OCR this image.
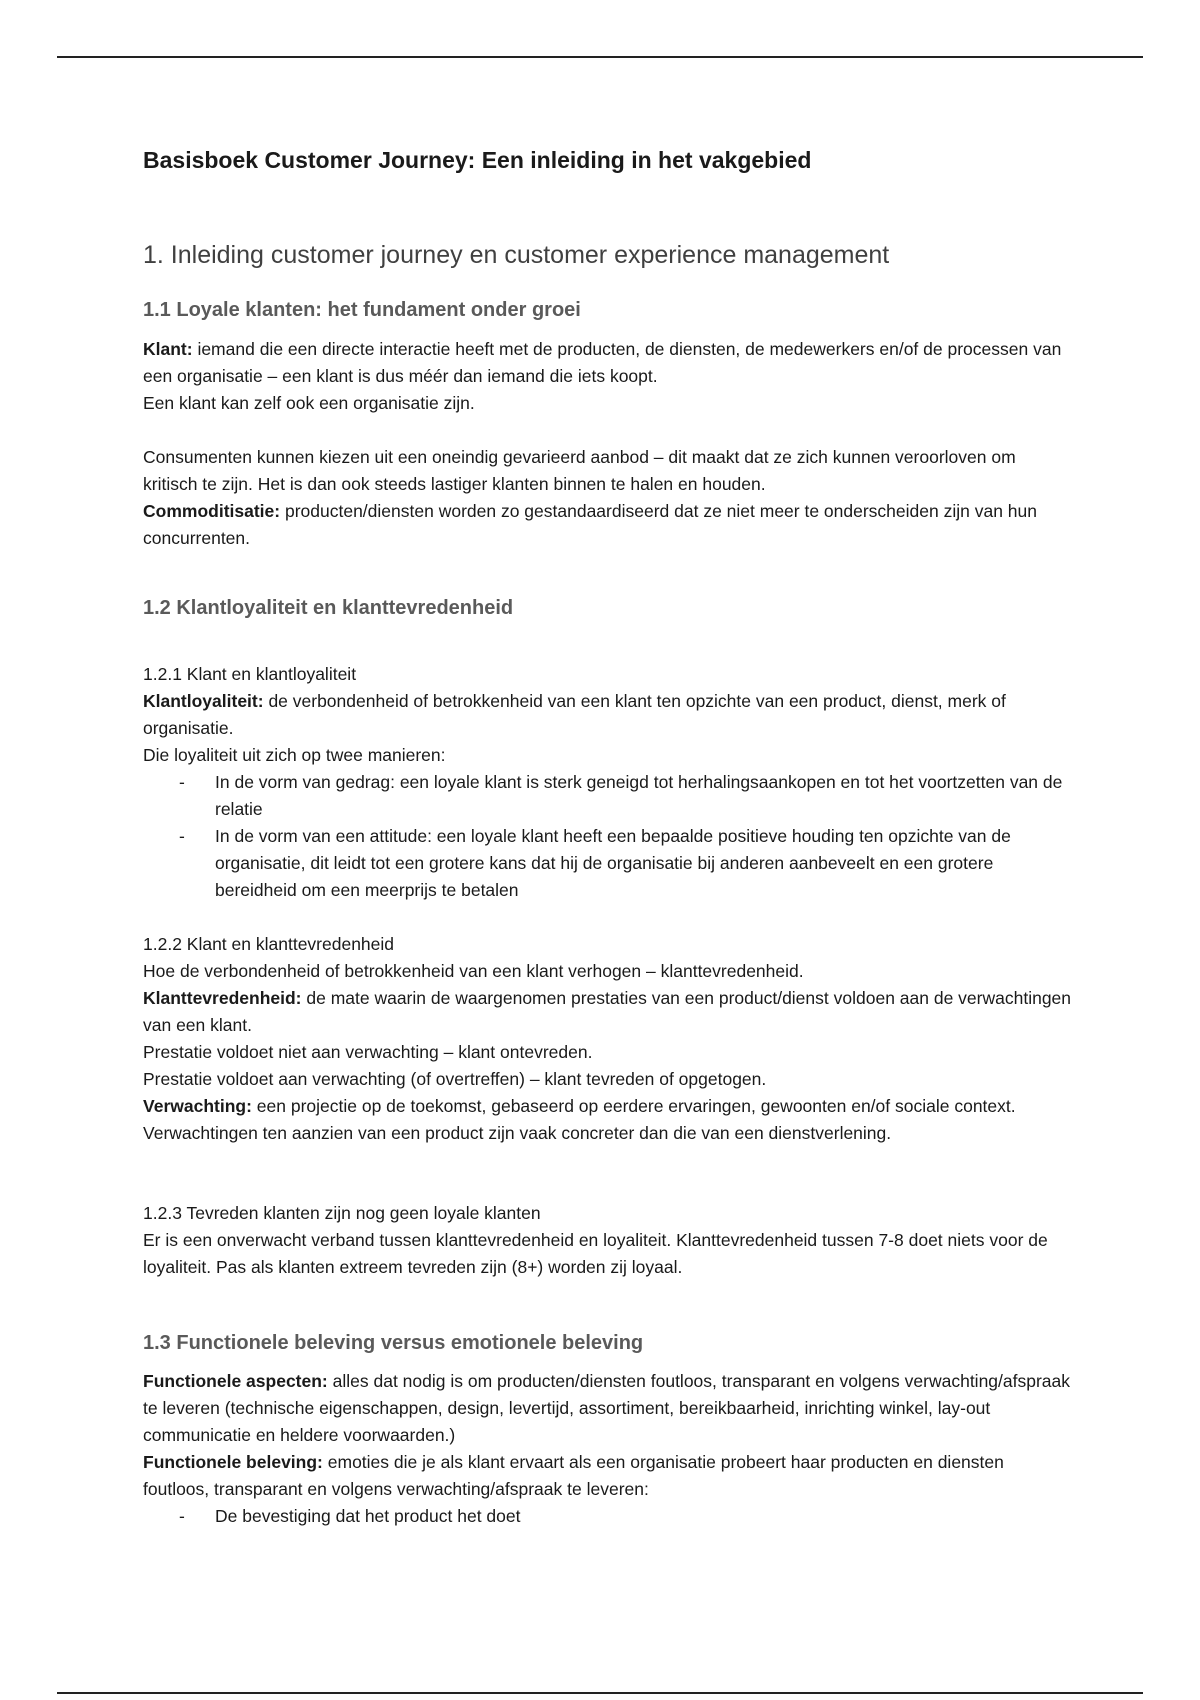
Basisboek Customer Journey: Een inleiding in het vakgebied
1. Inleiding customer journey en customer experience management
1.1 Loyale klanten: het fundament onder groei

Klant: iemand die een directe interactie heeft met de producten, de diensten, de medewerkers en/of de processen van een organisatie – een klant is dus méér dan iemand die iets koopt.

Een klant kan zelf ook een organisatie zijn.

Consumenten kunnen kiezen uit een oneindig gevarieerd aanbod – dit maakt dat ze zich kunnen veroorloven om kritisch te zijn. Het is dan ook steeds lastiger klanten binnen te halen en houden.

Commoditisatie: producten/diensten worden zo gestandaardiseerd dat ze niet meer te onderscheiden zijn van hun concurrenten.

1.2 Klantloyaliteit en klanttevredenheid

1.2.1 Klant en klantloyaliteit

Klantloyaliteit: de verbondenheid of betrokkenheid van een klant ten opzichte van een product, dienst, merk of organisatie.

Die loyaliteit uit zich op twee manieren:

- In de vorm van gedrag: een loyale klant is sterk geneigd tot herhalingsaankopen en tot het voortzetten van de relatie
- In de vorm van een attitude: een loyale klant heeft een bepaalde positieve houding ten opzichte van de organisatie, dit leidt tot een grotere kans dat hij de organisatie bij anderen aanbeveelt en een grotere bereidheid om een meerprijs te betalen

1.2.2 Klant en klanttevredenheid

Hoe de verbondenheid of betrokkenheid van een klant verhogen – klanttevredenheid.

Klanttevredenheid: de mate waarin de waargenomen prestaties van een product/dienst voldoen aan de verwachtingen van een klant.

Prestatie voldoet niet aan verwachting – klant ontevreden.

Prestatie voldoet aan verwachting (of overtreffen) – klant tevreden of opgetogen.

Verwachting: een projectie op de toekomst, gebaseerd op eerdere ervaringen, gewoonten en/of sociale context.

Verwachtingen ten aanzien van een product zijn vaak concreter dan die van een dienstverlening.

1.2.3 Tevreden klanten zijn nog geen loyale klanten

Er is een onverwacht verband tussen klanttevredenheid en loyaliteit. Klanttevredenheid tussen 7-8 doet niets voor de loyaliteit. Pas als klanten extreem tevreden zijn (8+) worden zij loyaal.

1.3 Functionele beleving versus emotionele beleving

Functionele aspecten: alles dat nodig is om producten/diensten foutloos, transparant en volgens verwachting/afspraak te leveren (technische eigenschappen, design, levertijd, assortiment, bereikbaarheid, inrichting winkel, lay-out communicatie en heldere voorwaarden.)

Functionele beleving: emoties die je als klant ervaart als een organisatie probeert haar producten en diensten foutloos, transparant en volgens verwachting/afspraak te leveren:

- De bevestiging dat het product het doet
